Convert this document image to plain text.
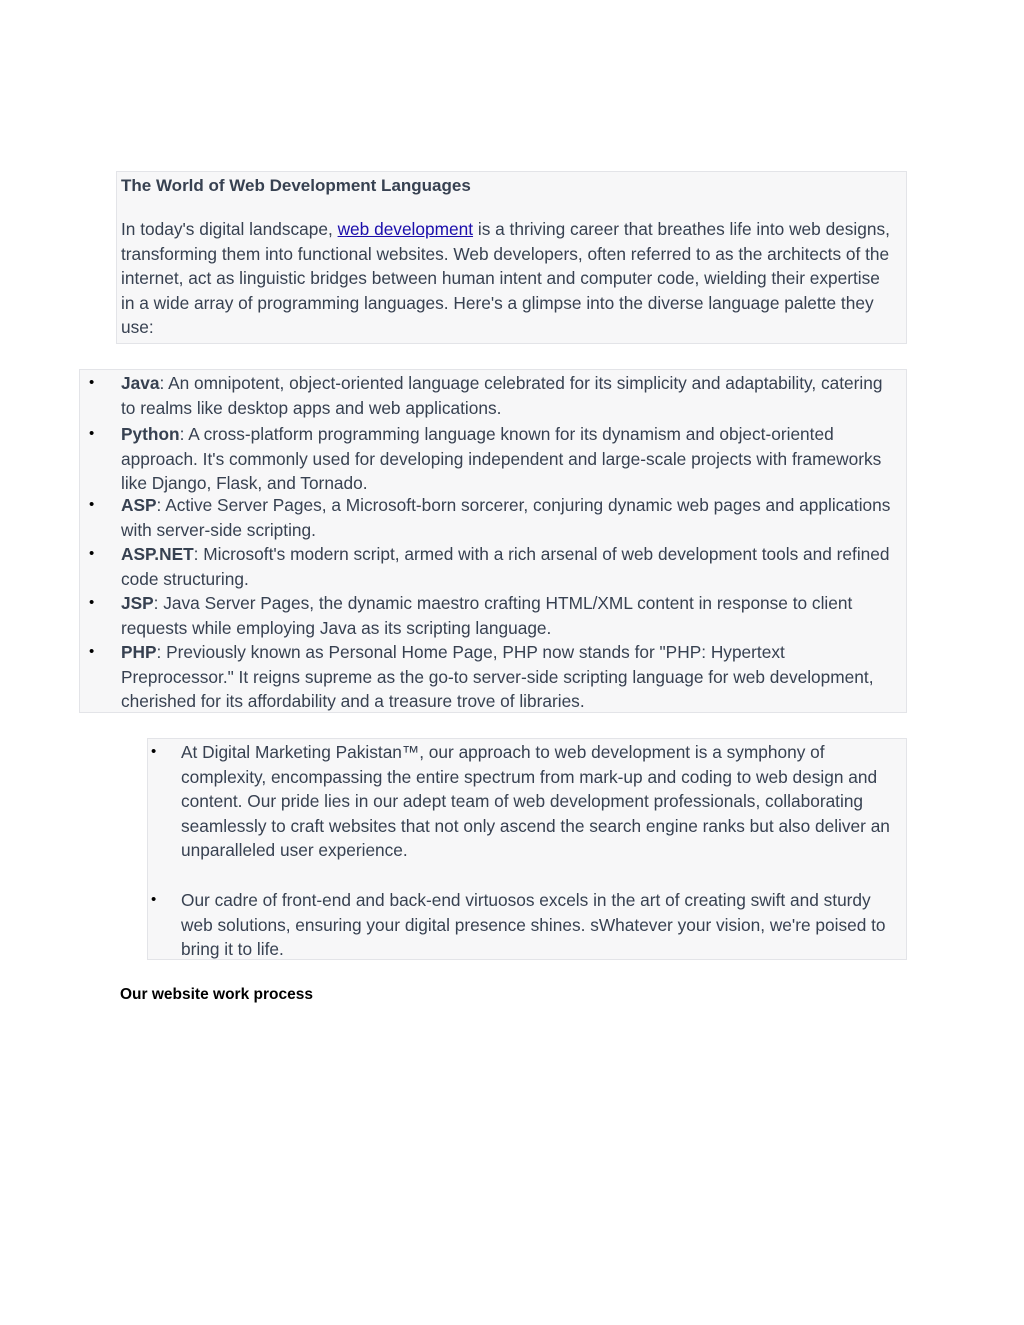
The World of Web Development Languages

In today's digital landscape, web development is a thriving career that breathes life into web designs, transforming them into functional websites. Web developers, often referred to as the architects of the internet, act as linguistic bridges between human intent and computer code, wielding their expertise in a wide array of programming languages. Here's a glimpse into the diverse language palette they use:

• Java: An omnipotent, object-oriented language celebrated for its simplicity and adaptability, catering to realms like desktop apps and web applications.
• Python: A cross-platform programming language known for its dynamism and object-oriented approach. It's commonly used for developing independent and large-scale projects with frameworks like Django, Flask, and Tornado.
• ASP: Active Server Pages, a Microsoft-born sorcerer, conjuring dynamic web pages and applications with server-side scripting.
• ASP.NET: Microsoft's modern script, armed with a rich arsenal of web development tools and refined code structuring.
• JSP: Java Server Pages, the dynamic maestro crafting HTML/XML content in response to client requests while employing Java as its scripting language.
• PHP: Previously known as Personal Home Page, PHP now stands for "PHP: Hypertext Preprocessor." It reigns supreme as the go-to server-side scripting language for web development, cherished for its affordability and a treasure trove of libraries.
• At Digital Marketing Pakistan™, our approach to web development is a symphony of complexity, encompassing the entire spectrum from mark-up and coding to web design and content. Our pride lies in our adept team of web development professionals, collaborating seamlessly to craft websites that not only ascend the search engine ranks but also deliver an unparalleled user experience.
• Our cadre of front-end and back-end virtuosos excels in the art of creating swift and sturdy web solutions, ensuring your digital presence shines. sWhatever your vision, we're poised to bring it to life.
Our website work process
